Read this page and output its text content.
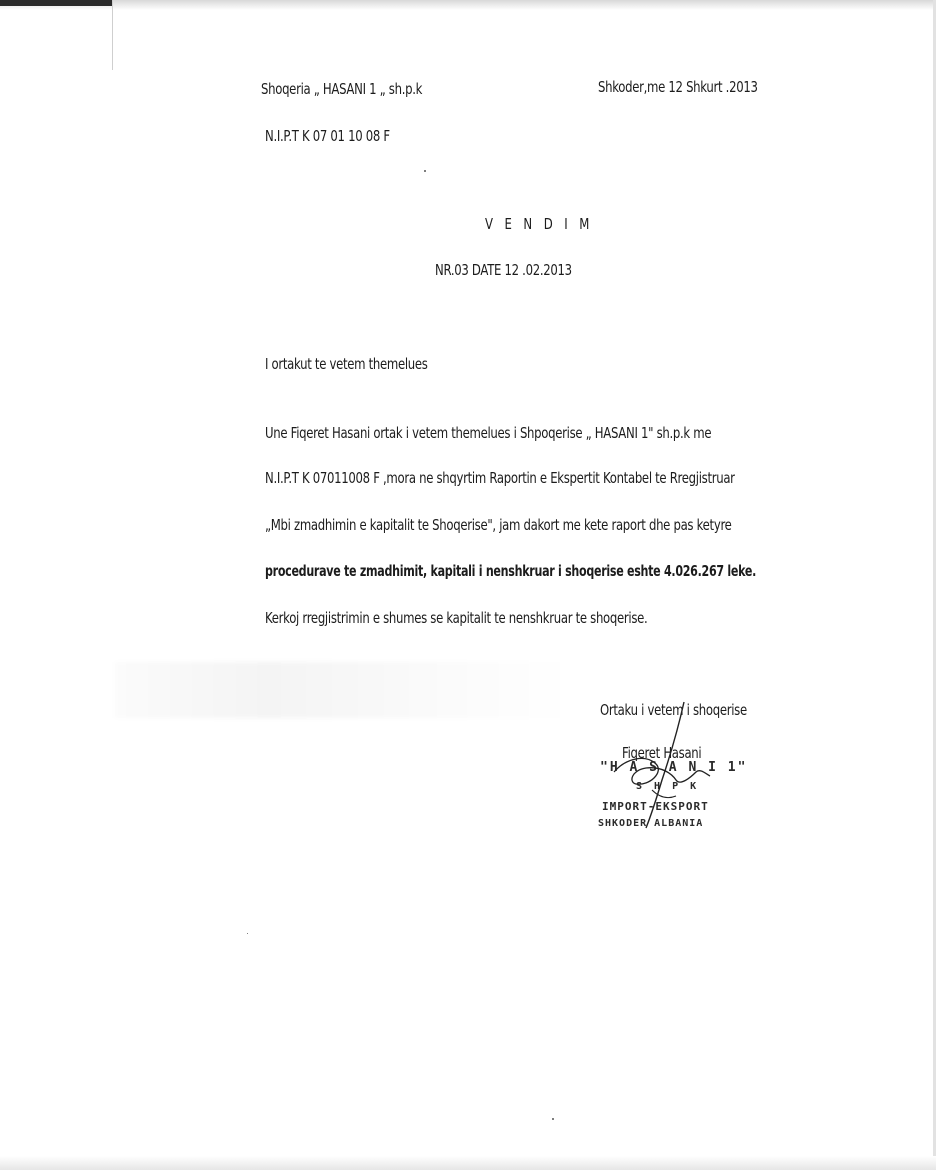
Shoqeria „ HASANI 1 „ sh.p.k	Shkoder,me 12 Shkurt .2013
N.I.P.T K 07 01 10 08 F
V E N D I M
NR.03 DATE 12 .02.2013
I ortakut te vetem themelues
Une Fiqeret Hasani ortak i vetem themelues i Shpoqerise „ HASANI 1" sh.p.k me
N.I.P.T K 07011008 F ,mora ne shqyrtim Raportin e Ekspertit Kontabel te Rregjistruar
„Mbi zmadhimin e kapitalit te Shoqerise", jam dakort me kete raport dhe pas ketyre
procedurave te zmadhimit, kapitali i nenshkruar i shoqerise eshte 4.026.267 leke.
Kerkoj rregjistrimin e shumes se kapitalit te nenshkruar te shoqerise.
Ortaku i vetem i shoqerise
"H A S A N I 1"
S H P K
IMPORT-EKSPORT
SHKODER ALBANIA
Fiqeret Hasani
